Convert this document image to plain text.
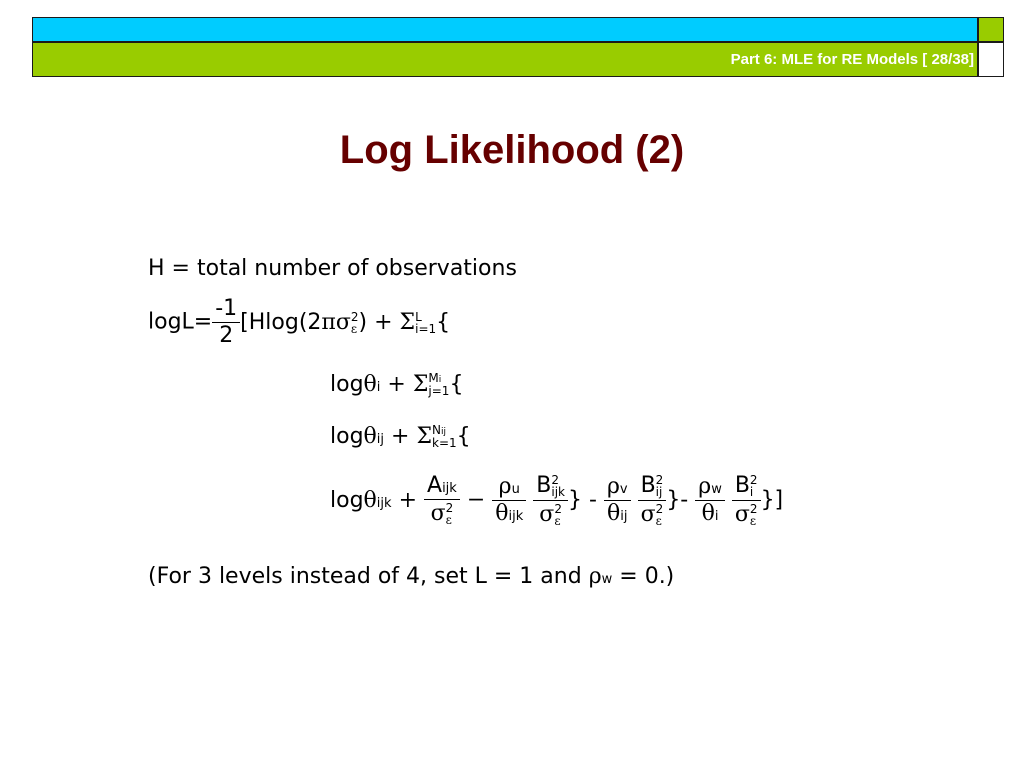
Part 6: MLE for RE Models [ 28/38]
Log Likelihood (2)
H = total number of observations
$\log L= \frac{-1}{2} [Hlog(2\pi\sigma$ 2
ε ) + Σ L
i=1 {
logθi + Σ Mi
j=1 {
logθij + Σ Nij
k=1 {
logθijk + Aijk
σ 2
$\varepsilon - \frac{\rho u}{\text{θijk}}$
B 2
ijk
σ 2
ε } - $\frac{\rho v}{\text{θij}}$
B 2
ij
σ 2
ε }- $\frac{\rho w}{\theta i}$
B 2
i
σ 2
ε }]
(For 3 levels instead of 4, set L = 1 and ρw = 0.)
